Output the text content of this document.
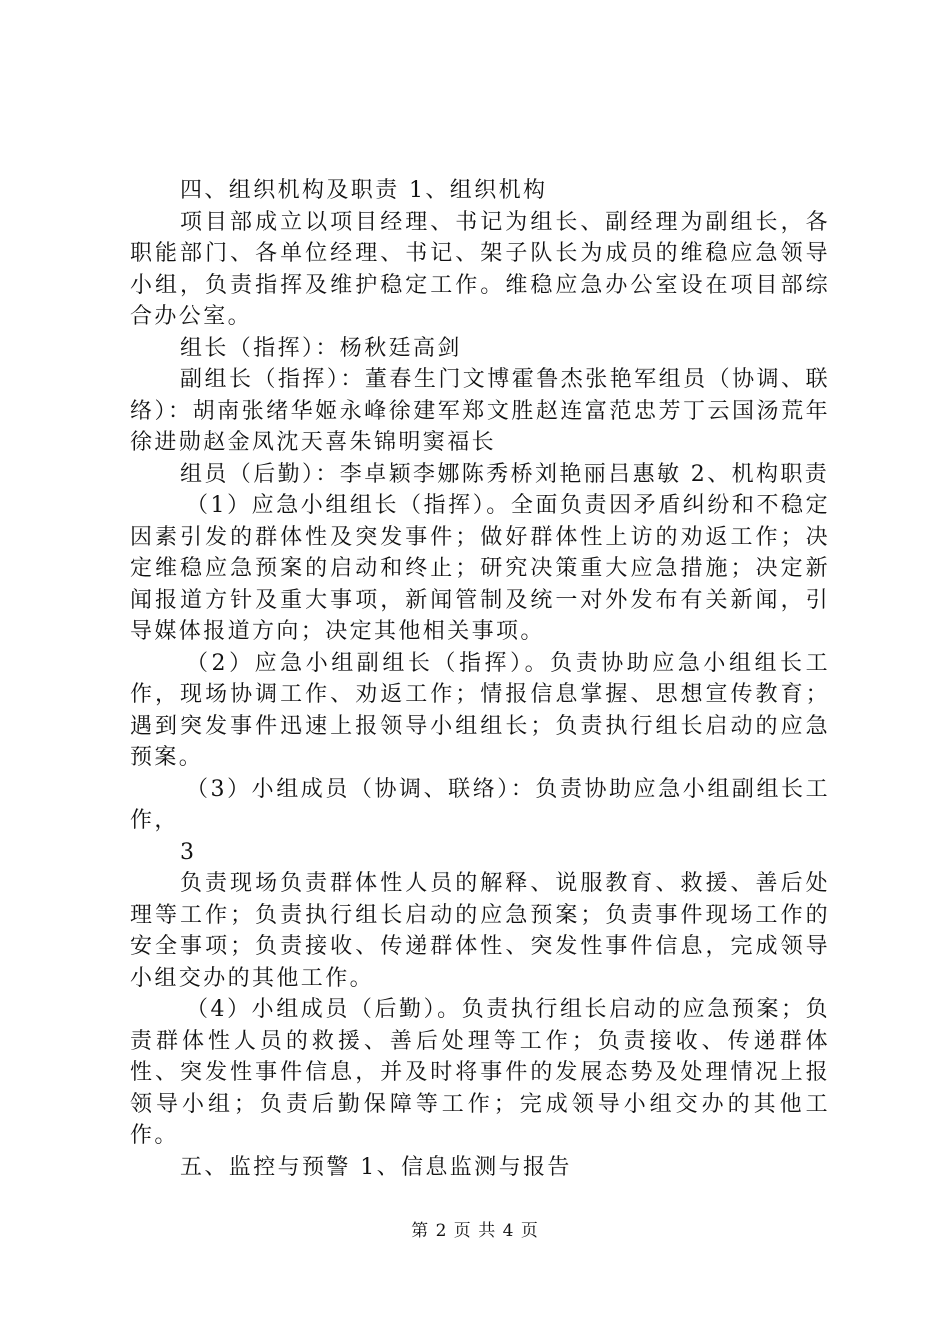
四、组织机构及职责 1、组织机构

项目部成立以项目经理、书记为组长、副经理为副组长，各职能部门、各单位经理、书记、架子队长为成员的维稳应急领导小组，负责指挥及维护稳定工作。维稳应急办公室设在项目部综合办公室。

组长（指挥）：杨秋廷高剑

副组长（指挥）：董春生门文博霍鲁杰张艳军组员（协调、联络）：胡南张绪华姬永峰徐建军郑文胜赵连富范忠芳丁云国汤荒年徐进勋赵金凤沈天喜朱锦明窦福长

组员（后勤）：李卓颖李娜陈秀桥刘艳丽吕惠敏 2、机构职责

（1）应急小组组长（指挥）。全面负责因矛盾纠纷和不稳定因素引发的群体性及突发事件；做好群体性上访的劝返工作；决定维稳应急预案的启动和终止；研究决策重大应急措施；决定新闻报道方针及重大事项，新闻管制及统一对外发布有关新闻，引导媒体报道方向；决定其他相关事项。

（2）应急小组副组长（指挥）。负责协助应急小组组长工作，现场协调工作、劝返工作；情报信息掌握、思想宣传教育；遇到突发事件迅速上报领导小组组长；负责执行组长启动的应急预案。

（3）小组成员（协调、联络）：负责协助应急小组副组长工作，

3

负责现场负责群体性人员的解释、说服教育、救援、善后处理等工作；负责执行组长启动的应急预案；负责事件现场工作的安全事项；负责接收、传递群体性、突发性事件信息，完成领导小组交办的其他工作。

（4）小组成员（后勤）。负责执行组长启动的应急预案；负责群体性人员的救援、善后处理等工作；负责接收、传递群体性、突发性事件信息，并及时将事件的发展态势及处理情况上报领导小组；负责后勤保障等工作；完成领导小组交办的其他工作。

五、监控与预警 1、信息监测与报告

第 2 页 共 4 页
